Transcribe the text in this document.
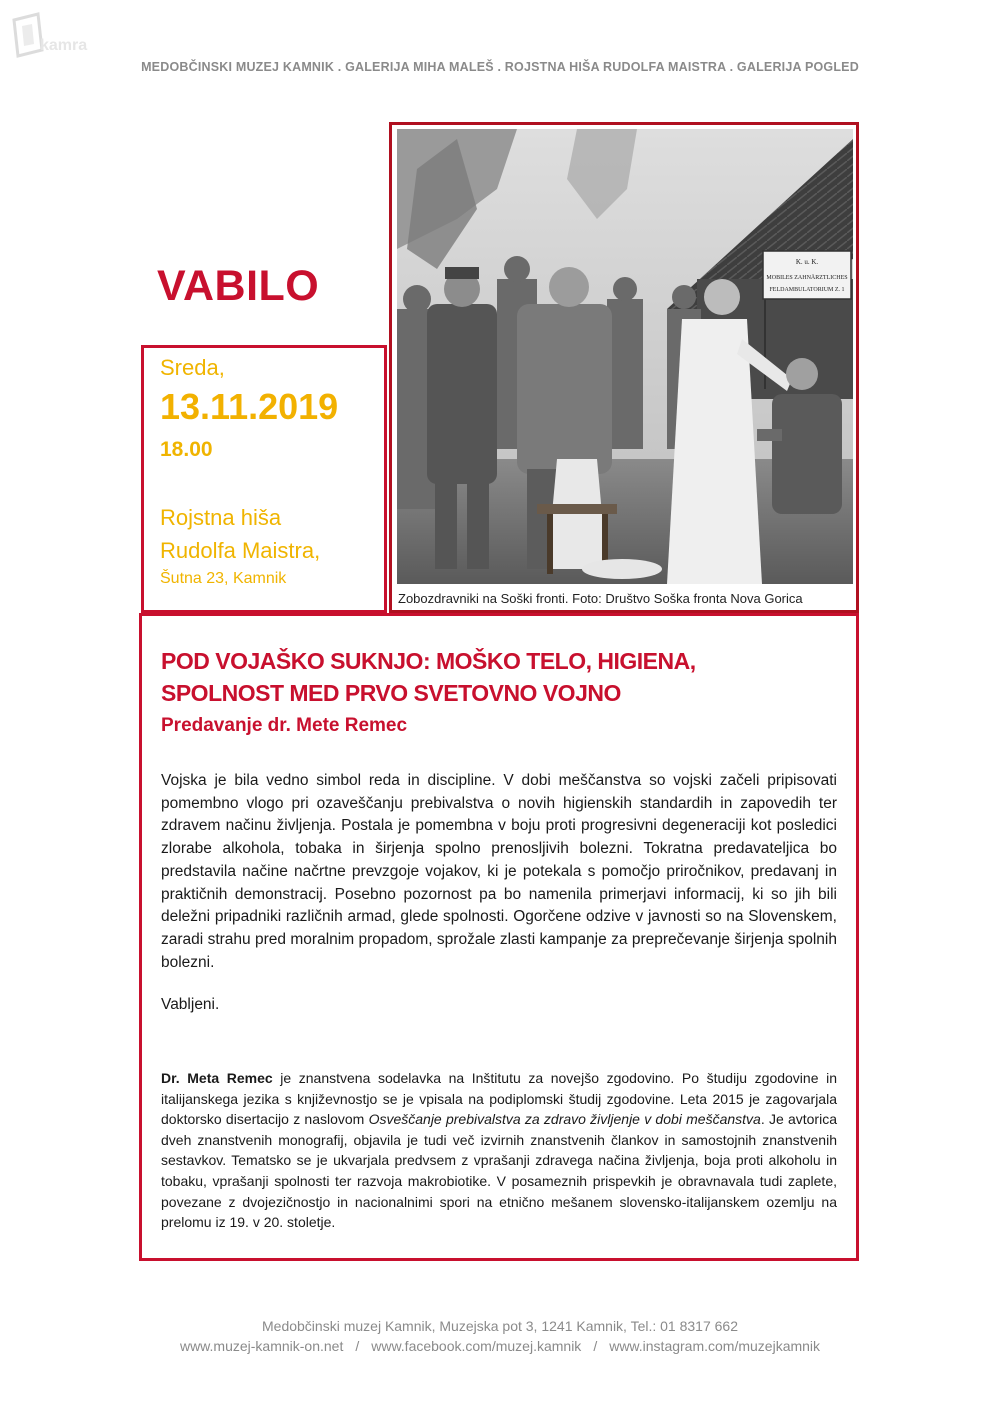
kamra
MEDOBČINSKI MUZEJ KAMNIK . GALERIJA MIHA MALEŠ . ROJSTNA HIŠA RUDOLFA MAISTRA . GALERIJA POGLED
VABILO
Sreda,
13.11.2019
18.00
Rojstna hiša
Rudolfa Maistra,
Šutna 23, Kamnik
K. u. K.
MOBILES ZAHNÄRZTLICHES
FELDAMBULATORIUM Z. 1
Zobozdravniki na Soški fronti. Foto: Društvo Soška fronta Nova Gorica
POD VOJAŠKO SUKNJO: MOŠKO TELO, HIGIENA,
SPOLNOST MED PRVO SVETOVNO VOJNO
Predavanje dr. Mete Remec
Vojska je bila vedno simbol reda in discipline. V dobi meščanstva so vojski začeli pripisovati pomembno vlogo pri ozaveščanju prebivalstva o novih higienskih standardih in zapovedih ter zdravem načinu življenja. Postala je pomembna v boju proti progresivni degeneraciji kot posledici zlorabe alkohola, tobaka in širjenja spolno prenosljivih bolezni. Tokratna predavateljica bo predstavila načine načrtne prevzgoje vojakov, ki je potekala s pomočjo priročnikov, predavanj in praktičnih demonstracij. Posebno pozornost pa bo namenila primerjavi informacij, ki so jih bili deležni pripadniki različnih armad, glede spolnosti. Ogorčene odzive v javnosti so na Slovenskem, zaradi strahu pred moralnim propadom, sprožale zlasti kampanje za preprečevanje širjenja spolnih bolezni.
Vabljeni.
Dr. Meta Remec je znanstvena sodelavka na Inštitutu za novejšo zgodovino. Po študiju zgodovine in italijanskega jezika s književnostjo se je vpisala na podiplomski študij zgodovine. Leta 2015 je zagovarjala doktorsko disertacijo z naslovom Osveščanje prebivalstva za zdravo življenje v dobi meščanstva. Je avtorica dveh znanstvenih monografij, objavila je tudi več izvirnih znanstvenih člankov in samostojnih znanstvenih sestavkov. Tematsko se je ukvarjala predvsem z vprašanji zdravega načina življenja, boja proti alkoholu in tobaku, vprašanji spolnosti ter razvoja makrobiotike. V posameznih prispevkih je obravnavala tudi zaplete, povezane z dvojezičnostjo in nacionalnimi spori na etnično mešanem slovensko-italijanskem ozemlju na prelomu iz 19. v 20. stoletje.
Medobčinski muzej Kamnik, Muzejska pot 3, 1241 Kamnik, Tel.: 01 8317 662
www.muzej-kamnik-on.net / www.facebook.com/muzej.kamnik / www.instagram.com/muzejkamnik
